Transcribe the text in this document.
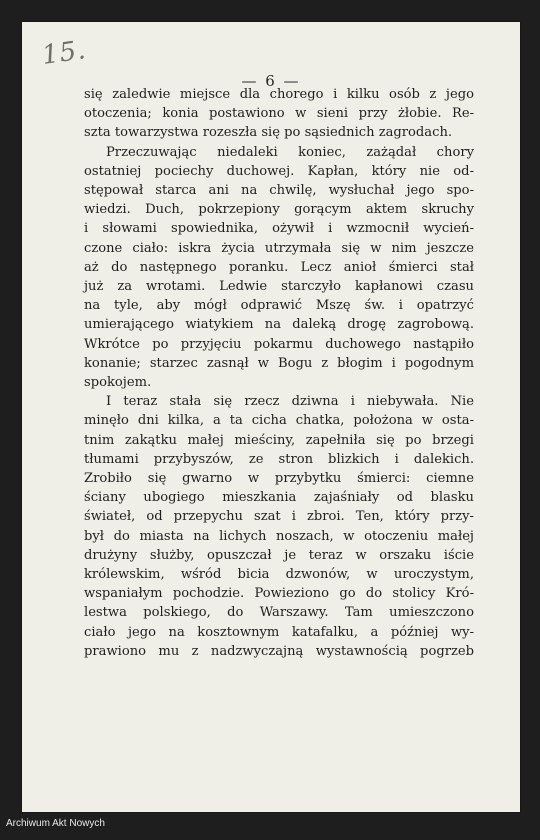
15.
— 6 —
się zaledwie miejsce dla chorego i kilku osób z jego
otoczenia; konia postawiono w sieni przy żłobie. Re-
szta towarzystwa rozeszła się po sąsiednich zagrodach.
Przeczuwając niedaleki koniec, zażądał chory
ostatniej pociechy duchowej. Kapłan, który nie od-
stępował starca ani na chwilę, wysłuchał jego spo-
wiedzi. Duch, pokrzepiony gorącym aktem skruchy
i słowami spowiednika, ożywił i wzmocnił wycień-
czone ciało: iskra życia utrzymała się w nim jeszcze
aż do następnego poranku. Lecz anioł śmierci stał
już za wrotami. Ledwie starczyło kapłanowi czasu
na tyle, aby mógł odprawić Mszę św. i opatrzyć
umierającego wiatykiem na daleką drogę zagrobową.
Wkrótce po przyjęciu pokarmu duchowego nastąpiło
konanie; starzec zasnął w Bogu z błogim i pogodnym
spokojem.
I teraz stała się rzecz dziwna i niebywała. Nie
minęło dni kilka, a ta cicha chatka, położona w osta-
tnim zakątku małej mieściny, zapełniła się po brzegi
tłumami przybyszów, ze stron blizkich i dalekich.
Zrobiło się gwarno w przybytku śmierci: ciemne
ściany ubogiego mieszkania zajaśniały od blasku
świateł, od przepychu szat i zbroi. Ten, który przy-
był do miasta na lichych noszach, w otoczeniu małej
drużyny służby, opuszczał je teraz w orszaku iście
królewskim, wśród bicia dzwonów, w uroczystym,
wspaniałym pochodzie. Powieziono go do stolicy Kró-
lestwa polskiego, do Warszawy. Tam umieszczono
ciało jego na kosztownym katafalku, a później wy-
prawiono mu z nadzwyczajną wystawnością pogrzeb
Archiwum Akt Nowych
